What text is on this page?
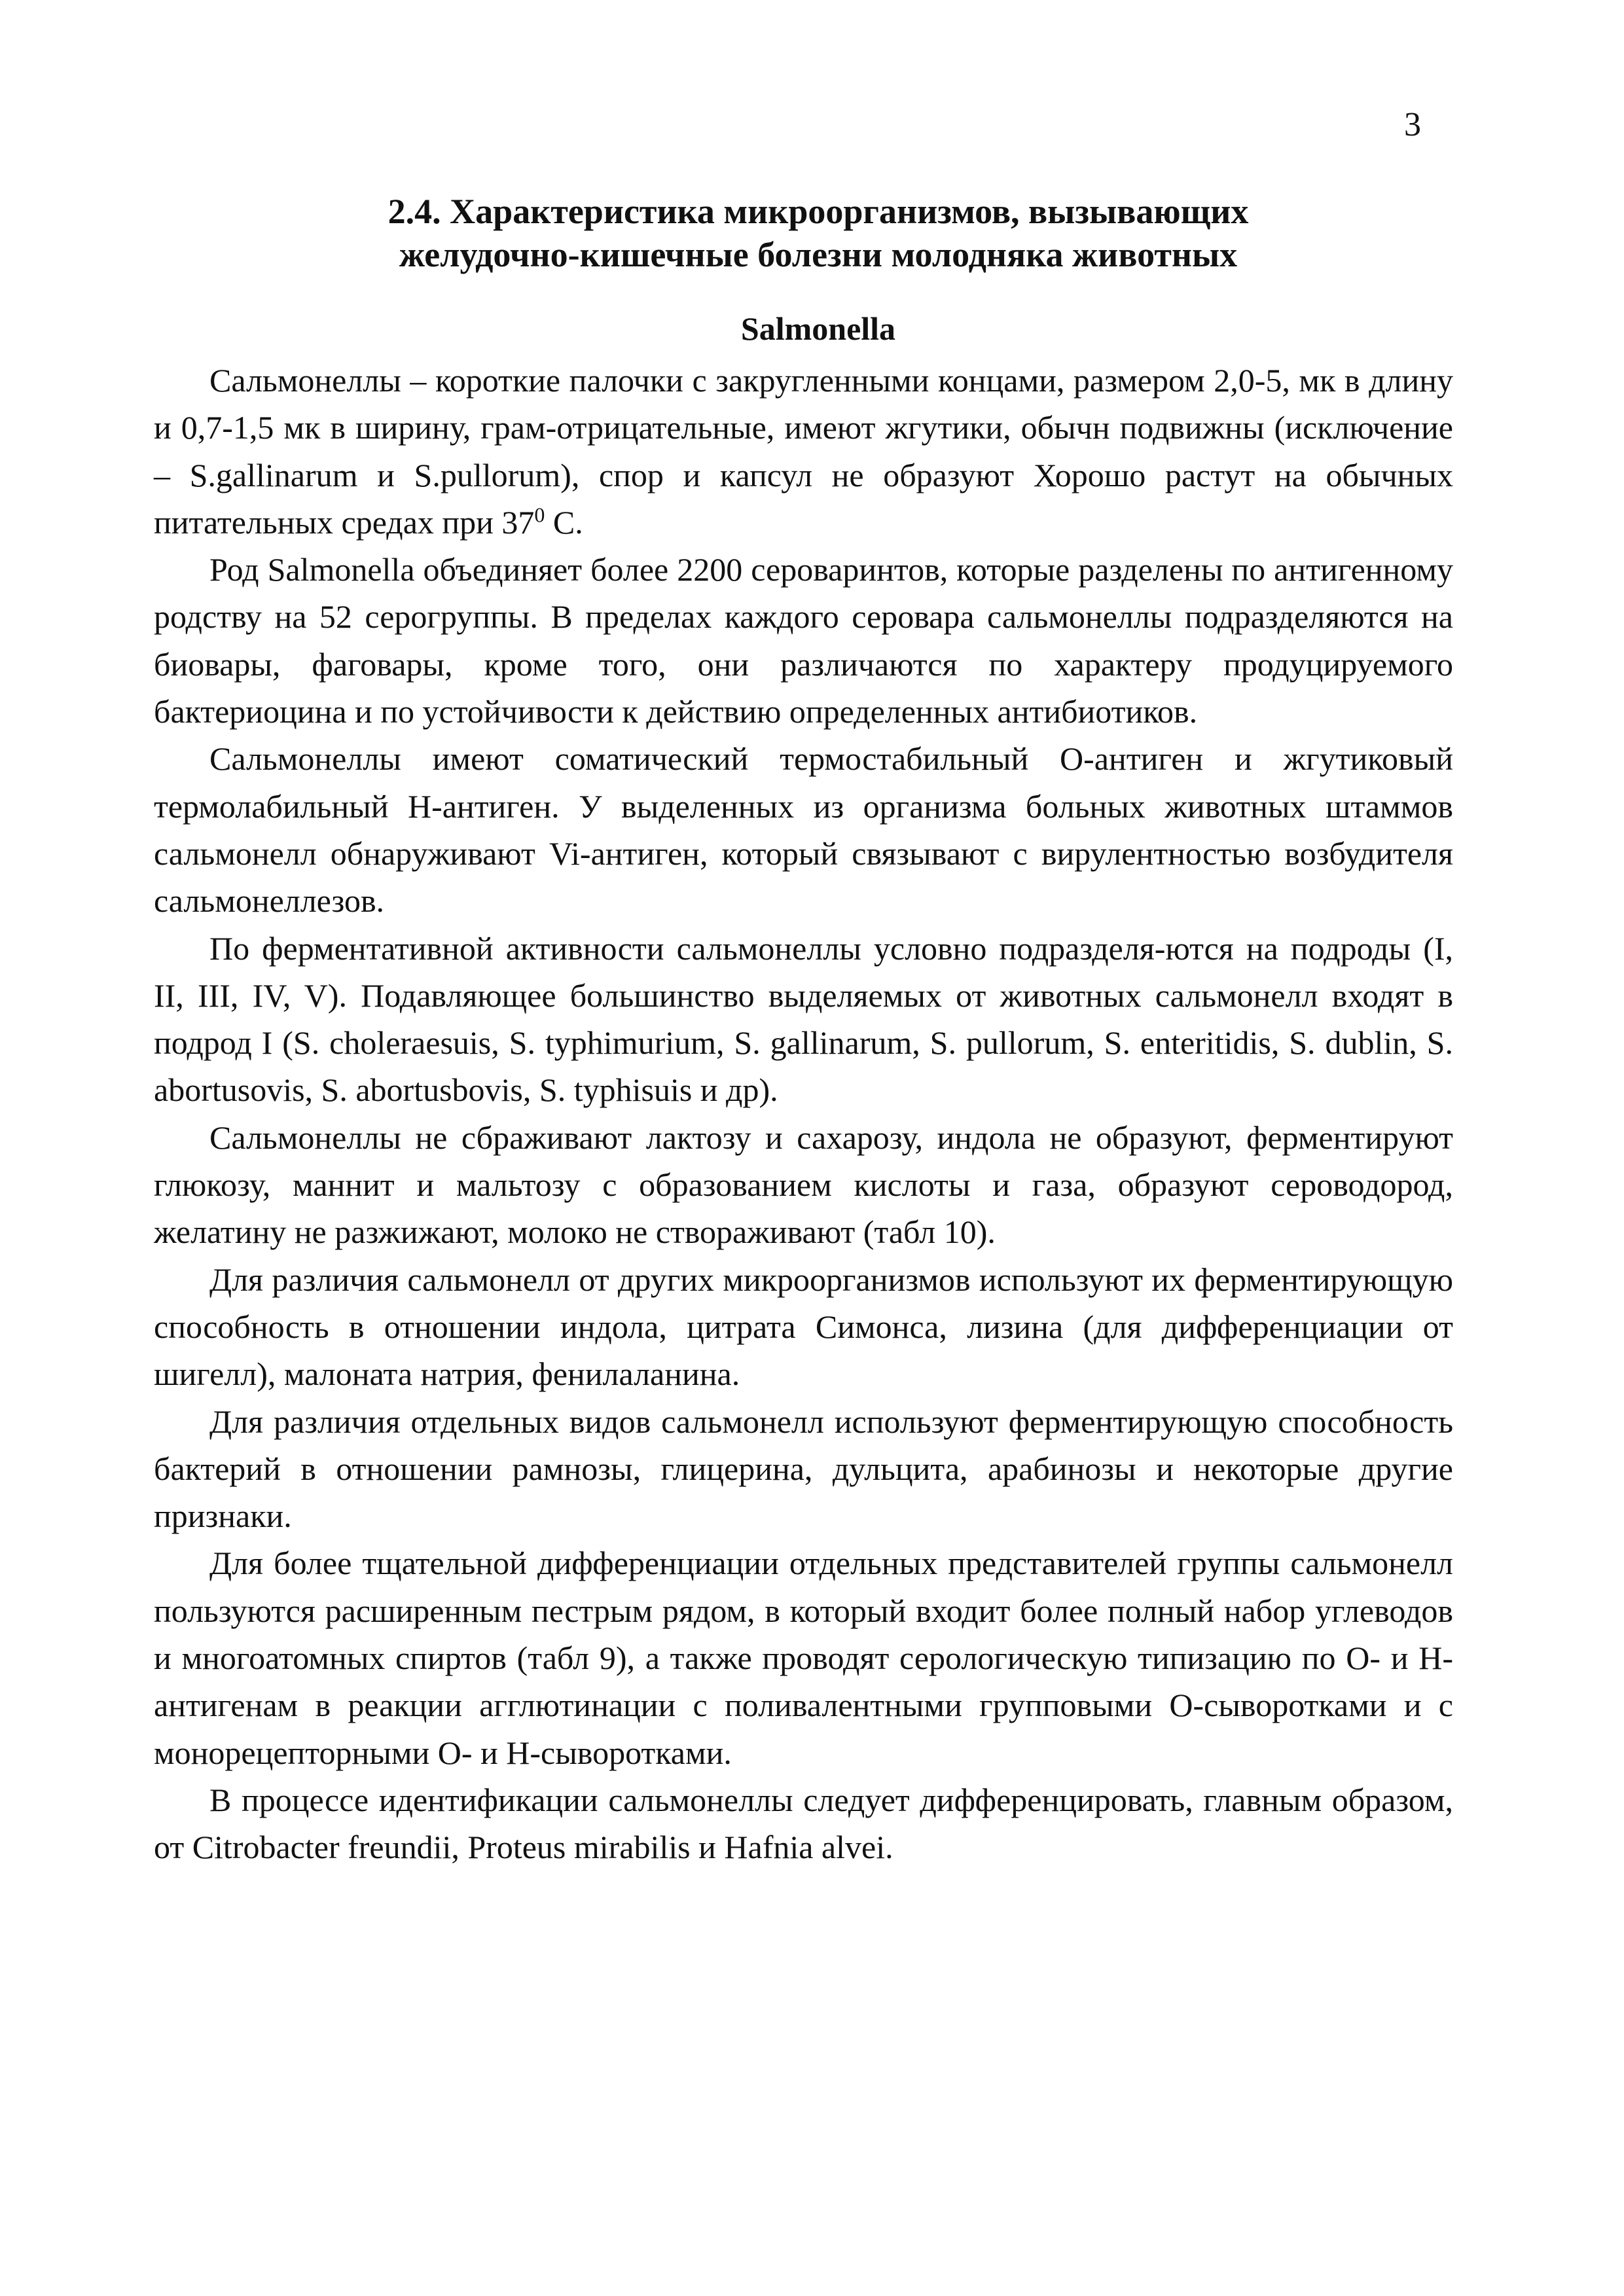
3

2.4. Характеристика микроорганизмов, вызывающих

желудочно-кишечные болезни молодняка животных

Salmonella

Сальмонеллы – короткие палочки с закругленными концами, размером 2,0-5, мк в длину и 0,7-1,5 мк в ширину, грам-отрицательные, имеют жгутики, обычн подвижны (исключение – S.gallinarum и S.pullorum), спор и капсул не образуют Хорошо растут на обычных питательных средах при $37^0$ С.

Род Salmonella объединяет более 2200 сероваринтов, которые разделены по антигенному родству на 52 серогруппы. В пределах каждого серовара сальмонеллы подразделяются на биовары, фаговары, кроме того, они различаются по характеру продуцируемого бактериоцина и по устойчивости к действию определенных антибиотиков.

Сальмонеллы имеют соматический термостабильный О-антиген и жгутиковый термолабильный Н-антиген. У выделенных из организма больных животных штаммов сальмонелл обнаруживают Vi-антиген, который связывают с вирулентностью возбудителя сальмонеллезов.

По ферментативной активности сальмонеллы условно подразделя-ются на подроды (I, II, III, IV, V). Подавляющее большинство выделяемых от животных сальмонелл входят в подрод I (S. choleraesuis, S. typhimurium, S. gallinarum, S. pullorum, S. enteritidis, S. dublin, S. abortusovis, S. abortusbovis, S. typhisuis и др).

Сальмонеллы не сбраживают лактозу и сахарозу, индола не образуют, ферментируют глюкозу, маннит и мальтозу с образованием кислоты и газа, образуют сероводород, желатину не разжижают, молоко не створаживают (табл 10).

Для различия сальмонелл от других микроорганизмов используют их ферментирующую способность в отношении индола, цитрата Симонса, лизина (для дифференциации от шигелл), малоната натрия, фенилаланина.

Для различия отдельных видов сальмонелл используют ферментирующую способность бактерий в отношении рамнозы, глицерина, дульцита, арабинозы и некоторые другие признаки.

Для более тщательной дифференциации отдельных представителей группы сальмонелл пользуются расширенным пестрым рядом, в который входит более полный набор углеводов и многоатомных спиртов (табл 9), а также проводят серологическую типизацию по О- и Н-антигенам в реакции агглютинации с поливалентными групповыми О-сыворотками и с монорецепторными О- и Н-сыворотками.

В процессе идентификации сальмонеллы следует дифференцировать, главным образом, от Citrobacter freundii, Proteus mirabilis и Hafnia alvei.
